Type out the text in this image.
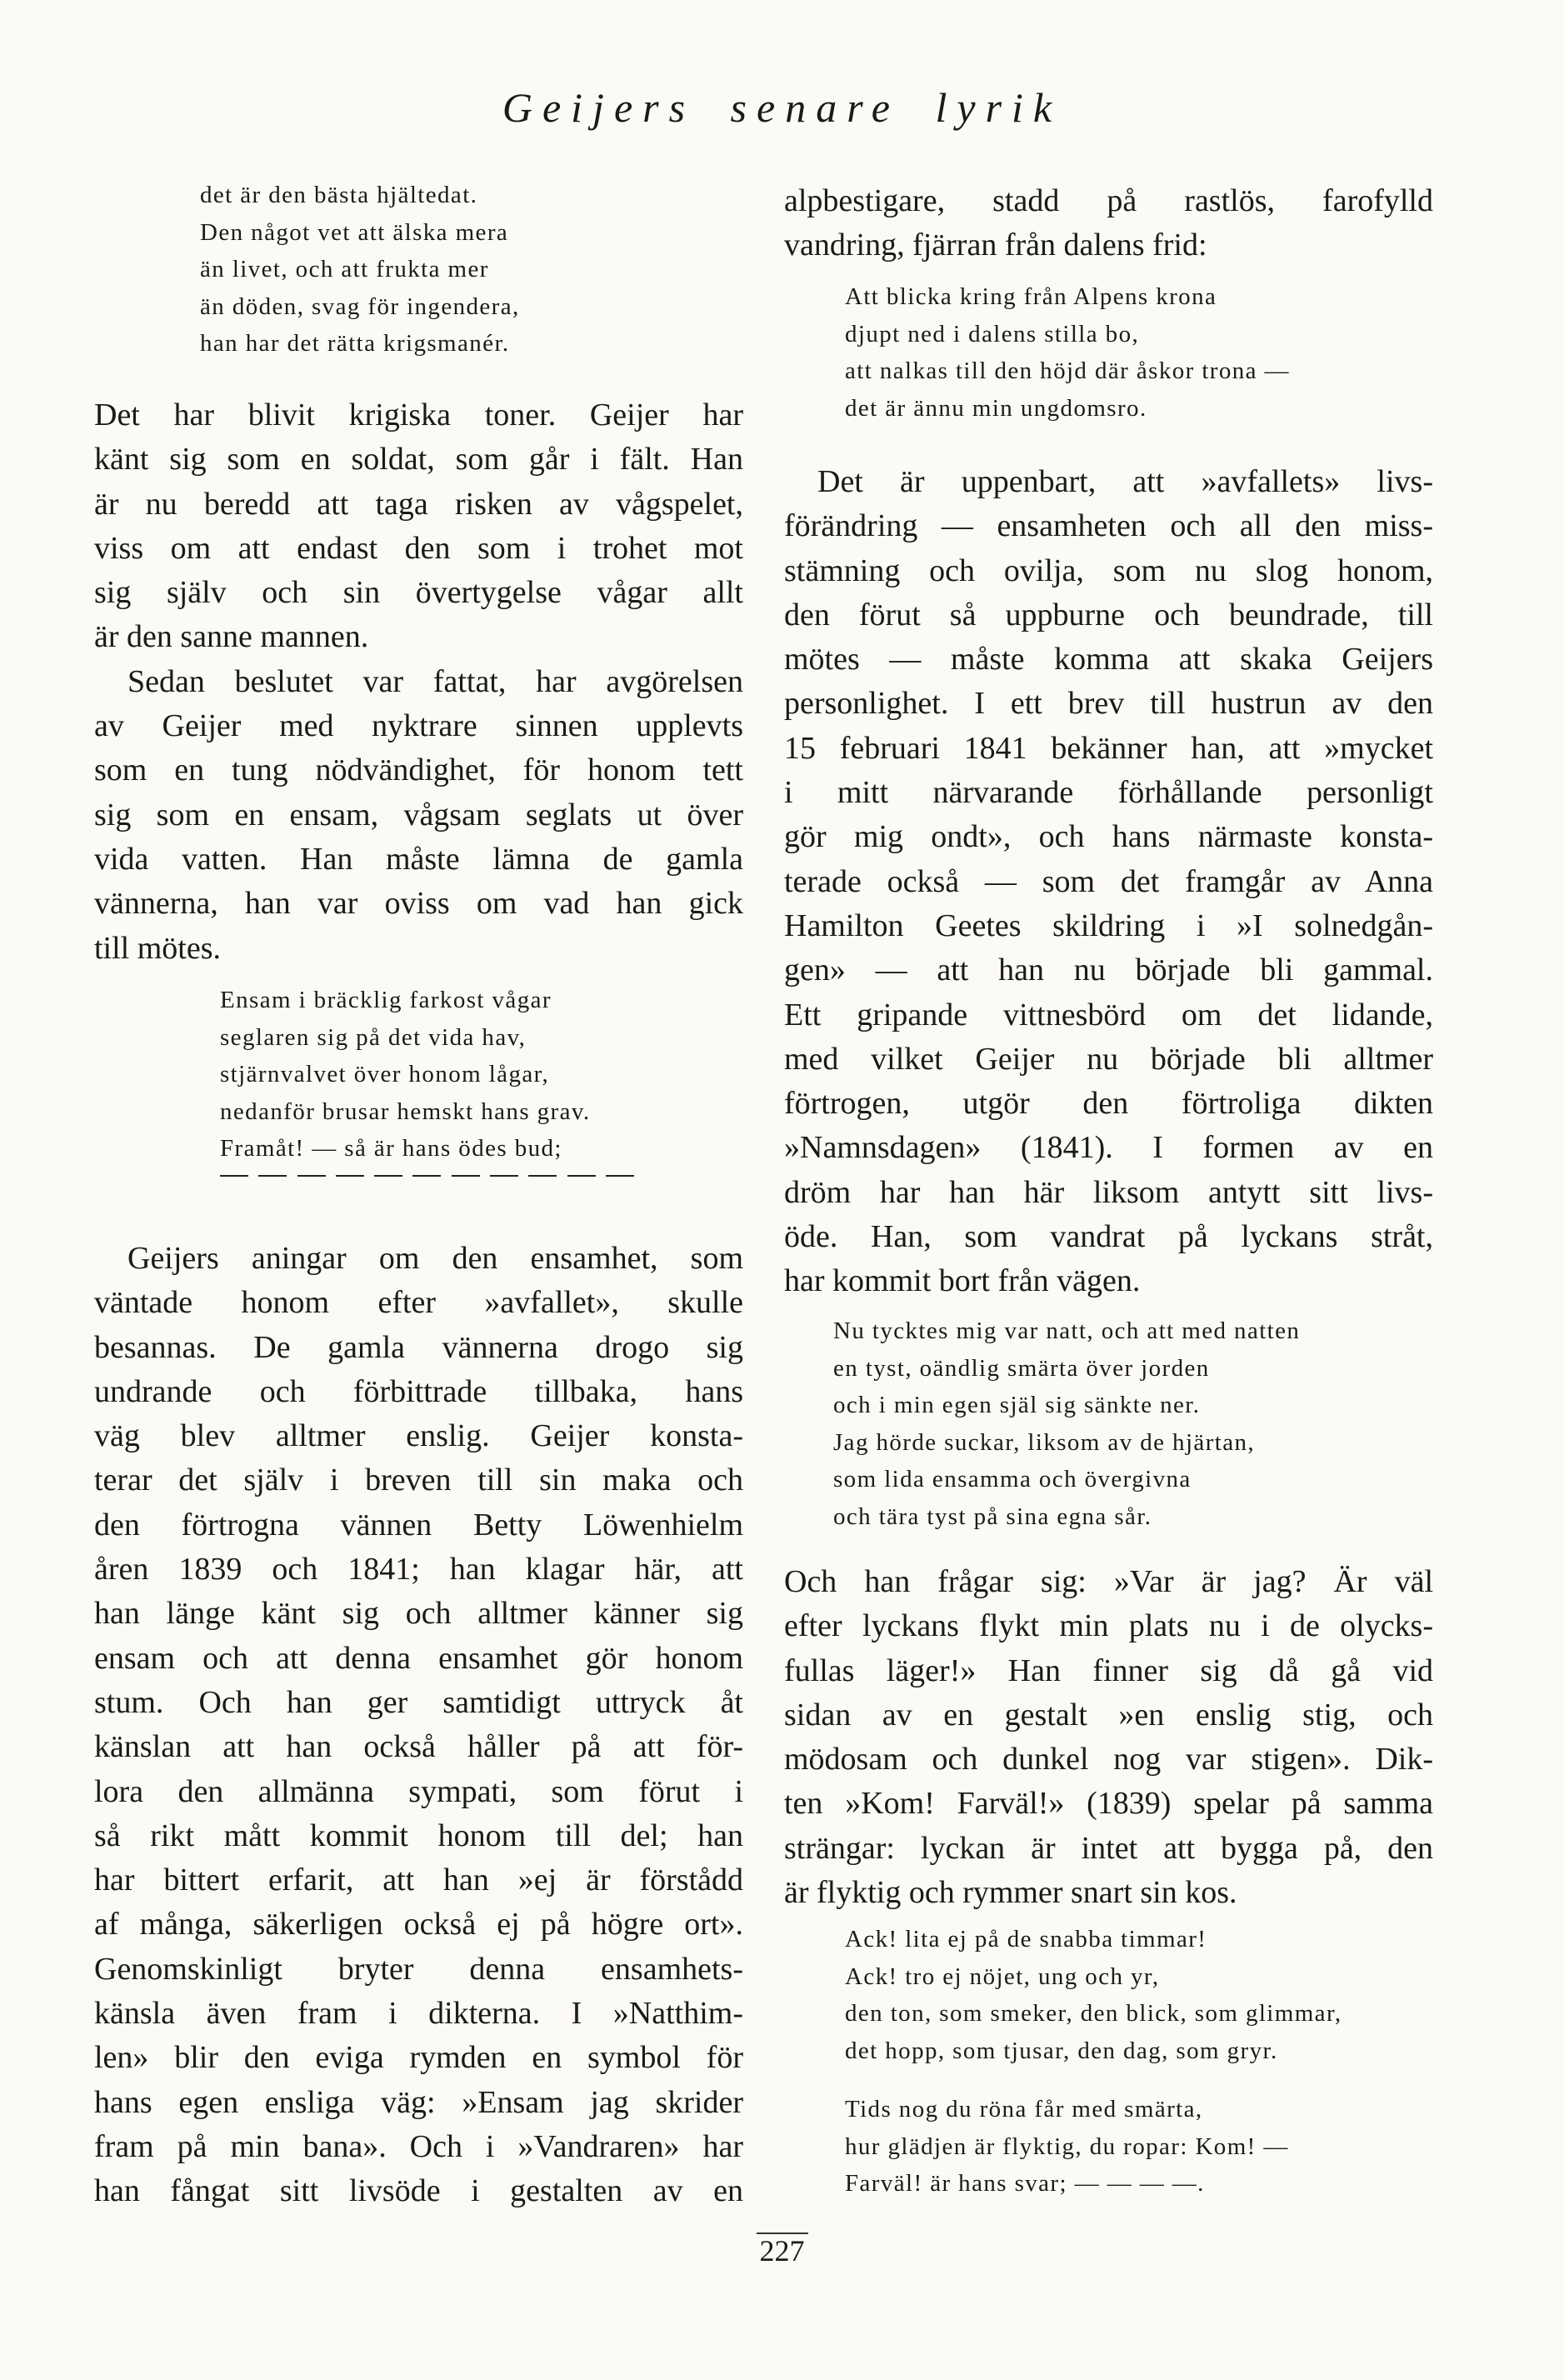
Geijers senare lyrik
det är den bästa hjältedat.
Den något vet att älska mera
än livet, och att frukta mer
än döden, svag för ingendera,
han har det rätta krigsmanér.
Det har blivit krigiska toner. Geijer har
känt sig som en soldat, som går i fält. Han
är nu beredd att taga risken av vågspelet,
viss om att endast den som i trohet mot
sig själv och sin övertygelse vågar allt
är den sanne mannen.
Sedan beslutet var fattat, har avgörelsen
av Geijer med nyktrare sinnen upplevts
som en tung nödvändighet, för honom tett
sig som en ensam, vågsam seglats ut över
vida vatten. Han måste lämna de gamla
vännerna, han var oviss om vad han gick
till mötes.
Ensam i bräcklig farkost vågar
seglaren sig på det vida hav,
stjärnvalvet över honom lågar,
nedanför brusar hemskt hans grav.
Framåt! — så är hans ödes bud;
Geijers aningar om den ensamhet, som
väntade honom efter »avfallet», skulle
besannas. De gamla vännerna drogo sig
undrande och förbittrade tillbaka, hans
väg blev alltmer enslig. Geijer konsta-
terar det själv i breven till sin maka och
den förtrogna vännen Betty Löwenhielm
åren 1839 och 1841; han klagar här, att
han länge känt sig och alltmer känner sig
ensam och att denna ensamhet gör honom
stum. Och han ger samtidigt uttryck åt
känslan att han också håller på att för-
lora den allmänna sympati, som förut i
så rikt mått kommit honom till del; han
har bittert erfarit, att han »ej är förstådd
af många, säkerligen också ej på högre ort».
Genomskinligt bryter denna ensamhets-
känsla även fram i dikterna. I »Natthim-
len» blir den eviga rymden en symbol för
hans egen ensliga väg: »Ensam jag skrider
fram på min bana». Och i »Vandraren» har
han fångat sitt livsöde i gestalten av en
alpbestigare, stadd på rastlös, farofylld
vandring, fjärran från dalens frid:
Att blicka kring från Alpens krona
djupt ned i dalens stilla bo,
att nalkas till den höjd där åskor trona —
det är ännu min ungdomsro.
Det är uppenbart, att »avfallets» livs-
förändring — ensamheten och all den miss-
stämning och ovilja, som nu slog honom,
den förut så uppburne och beundrade, till
mötes — måste komma att skaka Geijers
personlighet. I ett brev till hustrun av den
15 februari 1841 bekänner han, att »mycket
i mitt närvarande förhållande personligt
gör mig ondt», och hans närmaste konsta-
terade också — som det framgår av Anna
Hamilton Geetes skildring i »I solnedgån-
gen» — att han nu började bli gammal.
Ett gripande vittnesbörd om det lidande,
med vilket Geijer nu började bli alltmer
förtrogen, utgör den förtroliga dikten
»Namnsdagen» (1841). I formen av en
dröm har han här liksom antytt sitt livs-
öde. Han, som vandrat på lyckans stråt,
har kommit bort från vägen.
Nu tycktes mig var natt, och att med natten
en tyst, oändlig smärta över jorden
och i min egen själ sig sänkte ner.
Jag hörde suckar, liksom av de hjärtan,
som lida ensamma och övergivna
och tära tyst på sina egna sår.
Och han frågar sig: »Var är jag? Är väl
efter lyckans flykt min plats nu i de olycks-
fullas läger!» Han finner sig då gå vid
sidan av en gestalt »en enslig stig, och
mödosam och dunkel nog var stigen». Dik-
ten »Kom! Farväl!» (1839) spelar på samma
strängar: lyckan är intet att bygga på, den
är flyktig och rymmer snart sin kos.
Ack! lita ej på de snabba timmar!
Ack! tro ej nöjet, ung och yr,
den ton, som smeker, den blick, som glimmar,
det hopp, som tjusar, den dag, som gryr.
Tids nog du röna får med smärta,
hur glädjen är flyktig, du ropar: Kom! —
Farväl! är hans svar; — — — —.
227
